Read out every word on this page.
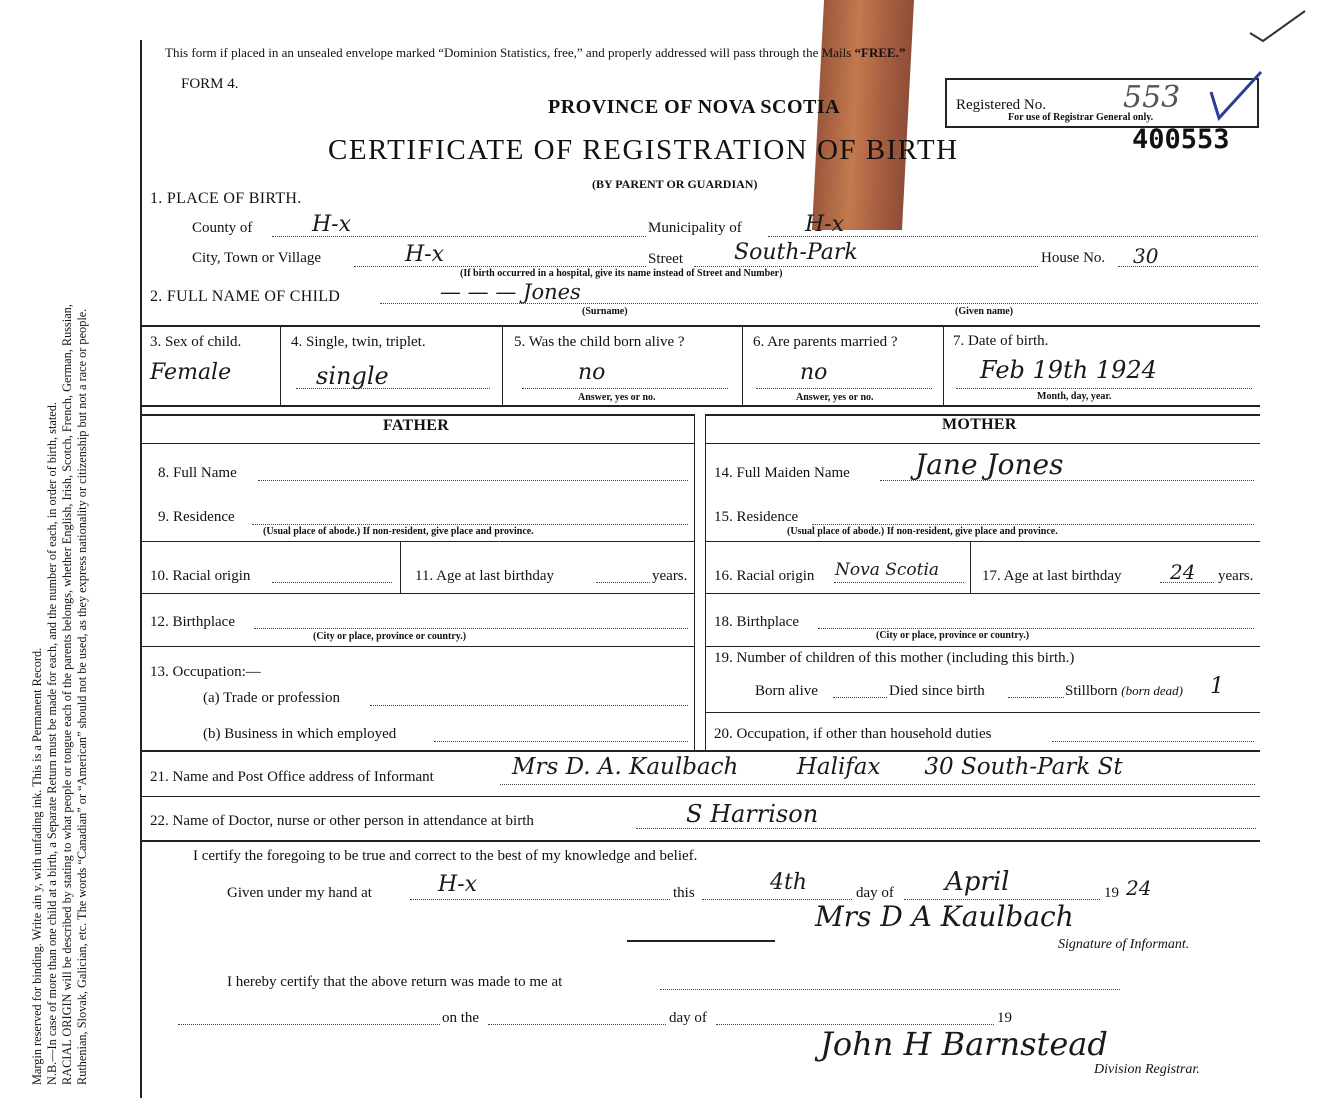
Margin reserved for binding. Write ain y, with unfading ink. This is a Permanent Record. N.B.—In case of more than one child at a birth, a Separate Return must be made for each, and the number of each, in order of birth, stated. RACIAL ORIGIN will be described by stating to what people or tongue each of the parents belongs, whether English, Irish, Scotch, French, German, Russian, Ruthenian, Slovak, Galician, etc. The words “Canadian” or “American” should not be used, as they express nationality or citizenship but not a race or people.
This form if placed in an unsealed envelope marked “Dominion Statistics, free,” and properly addressed will pass through the Mails “FREE.”
FORM 4.
PROVINCE OF NOVA SCOTIA	Registered No.	553
For use of Registrar General only.
400553
CERTIFICATE OF REGISTRATION OF BIRTH
(BY PARENT OR GUARDIAN)
1. PLACE OF BIRTH.
County of	H-x	Municipality of	H-x
City, Town or Village	H-x	Street South-Park	House No. 30
(If birth occurred in a hospital, give its name instead of Street and Number)
2. FULL NAME OF CHILD	— — — Jones
(Surname)	(Given name)
3. Sex of child.
Female
4. Single, twin, triplet.
single
5. Was the child born alive ?
no
Answer, yes or no.
6. Are parents married ?
no
Answer, yes or no.
7. Date of birth.
Feb 19th 1924
Month, day, year.
FATHER	MOTHER
8. Full Name
9. Residence
(Usual place of abode.) If non-resident, give place and province.
10. Racial origin	11. Age at last birthday	years.
12. Birthplace
(City or place, province or country.)
13. Occupation:—
(a) Trade or profession
(b) Business in which employed
14. Full Maiden Name Jane Jones
15. Residence
(Usual place of abode.) If non-resident, give place and province.
16. Racial origin Nova Scotia	17. Age at last birthday 24 years.
18. Birthplace
(City or place, province or country.)
19. Number of children of this mother (including this birth.)
Born alive	Died since birth	Stillborn (born dead) 1
20. Occupation, if other than household duties
21. Name and Post Office address of Informant	Mrs D. A. Kaulbach        Halifax      30 South-Park St
22. Name of Doctor, nurse or other person in attendance at birth	S Harrison
I certify the foregoing to be true and correct to the best of my knowledge and belief.
Given under my hand at	H-x	this	4th	day of April	19 24
Mrs D A Kaulbach
Signature of Informant.
I hereby certify that the above return was made to me at
on the	day of	19
John H Barnstead
Division Registrar.
